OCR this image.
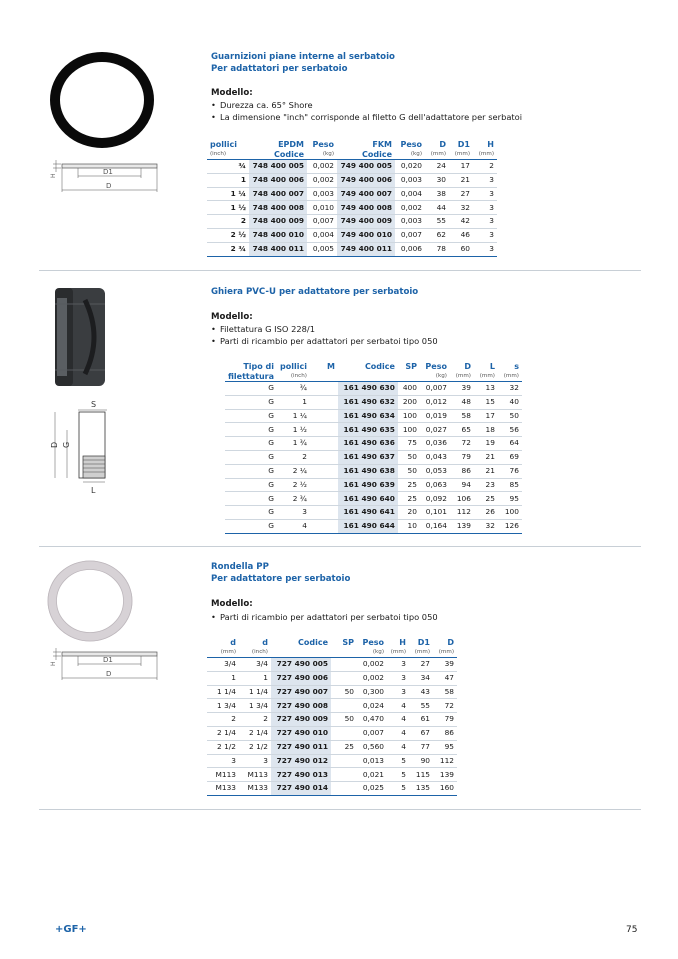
H	D1
D
Guarnizioni piane interne al serbatoio
Per adattatori per serbatoio
Modello:
• Durezza ca. 65° Shore
• La dimensione "inch" corrisponde al filetto G dell'adattatore per serbatoi
pollici	EPDM	Peso	FKM	Peso	D	D1	H
(inch)	Codice	(kg)	Codice	(kg)	(mm)	(mm)	(mm)
¾	748 400 005	0,002	749 400 005	0,020	24	17	2
1	748 400 006	0,002	749 400 006	0,003	30	21	3
1 ¼	748 400 007	0,003	749 400 007	0,004	38	27	3
1 ½	748 400 008	0,010	749 400 008	0,002	44	32	3
2	748 400 009	0,007	749 400 009	0,003	55	42	3
2 ½	748 400 010	0,004	749 400 010	0,007	62	46	3
2 ¾	748 400 011	0,005	749 400 011	0,006	78	60	3
S
D G
L
Ghiera PVC-U per adattatore per serbatoio
Modello:
• Filettatura G ISO 228/1
• Parti di ricambio per adattatori per serbatoi tipo 050
Tipo di	pollici	M	Codice	SP	Peso	D	L	s
filettatura	(inch)				(kg)	(mm)	(mm)	(mm)
G	¾		161 490 630	400	0,007	39	13	32
G	1		161 490 632	200	0,012	48	15	40
G	1 ¼		161 490 634	100	0,019	58	17	50
G	1 ½		161 490 635	100	0,027	65	18	56
G	1 ¾		161 490 636	75	0,036	72	19	64
G	2		161 490 637	50	0,043	79	21	69
G	2 ¼		161 490 638	50	0,053	86	21	76
G	2 ½		161 490 639	25	0,063	94	23	85
G	2 ¾		161 490 640	25	0,092	106	25	95
G	3		161 490 641	20	0,101	112	26	100
G	4		161 490 644	10	0,164	139	32	126
H	D1
D
Rondella PP
Per adattatore per serbatoio
Modello:
• Parti di ricambio per adattatori per serbatoi tipo 050
d	d	Codice	SP	Peso	H	D1	D
(mm)	(inch)			(kg)	(mm)	(mm)	(mm)
3/4	3/4	727 490 005		0,002	3	27	39
1	1	727 490 006		0,002	3	34	47
1 1/4	1 1/4	727 490 007	50	0,300	3	43	58
1 3/4	1 3/4	727 490 008		0,024	4	55	72
2	2	727 490 009	50	0,470	4	61	79
2 1/4	2 1/4	727 490 010		0,007	4	67	86
2 1/2	2 1/2	727 490 011	25	0,560	4	77	95
3	3	727 490 012		0,013	5	90	112
M113	M113	727 490 013		0,021	5	115	139
M133	M133	727 490 014		0,025	5	135	160
+GF+	75
